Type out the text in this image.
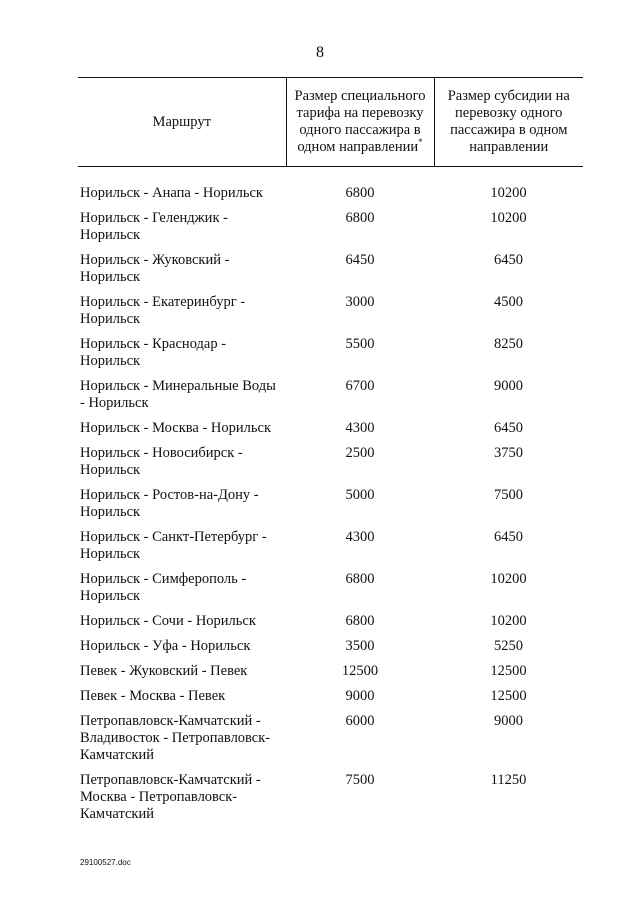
8
Маршрут	Размер специального тарифа на перевозку одного пассажира в одном направлении*	Размер субсидии на перевозку одного пассажира в одном направлении
Норильск - Анапа - Норильск	6800	10200
Норильск - Геленджик - Норильск	6800	10200
Норильск - Жуковский - Норильск	6450	6450
Норильск - Екатеринбург - Норильск	3000	4500
Норильск - Краснодар - Норильск	5500	8250
Норильск - Минеральные Воды - Норильск	6700	9000
Норильск - Москва - Норильск	4300	6450
Норильск - Новосибирск - Норильск	2500	3750
Норильск - Ростов-на-Дону - Норильск	5000	7500
Норильск - Санкт-Петербург - Норильск	4300	6450
Норильск - Симферополь - Норильск	6800	10200
Норильск - Сочи - Норильск	6800	10200
Норильск - Уфа - Норильск	3500	5250
Певек - Жуковский - Певек	12500	12500
Певек - Москва - Певек	9000	12500
Петропавловск-Камчатский - Владивосток - Петропавловск-Камчатский	6000	9000
Петропавловск-Камчатский - Москва - Петропавловск-Камчатский	7500	11250
29100527.doc
